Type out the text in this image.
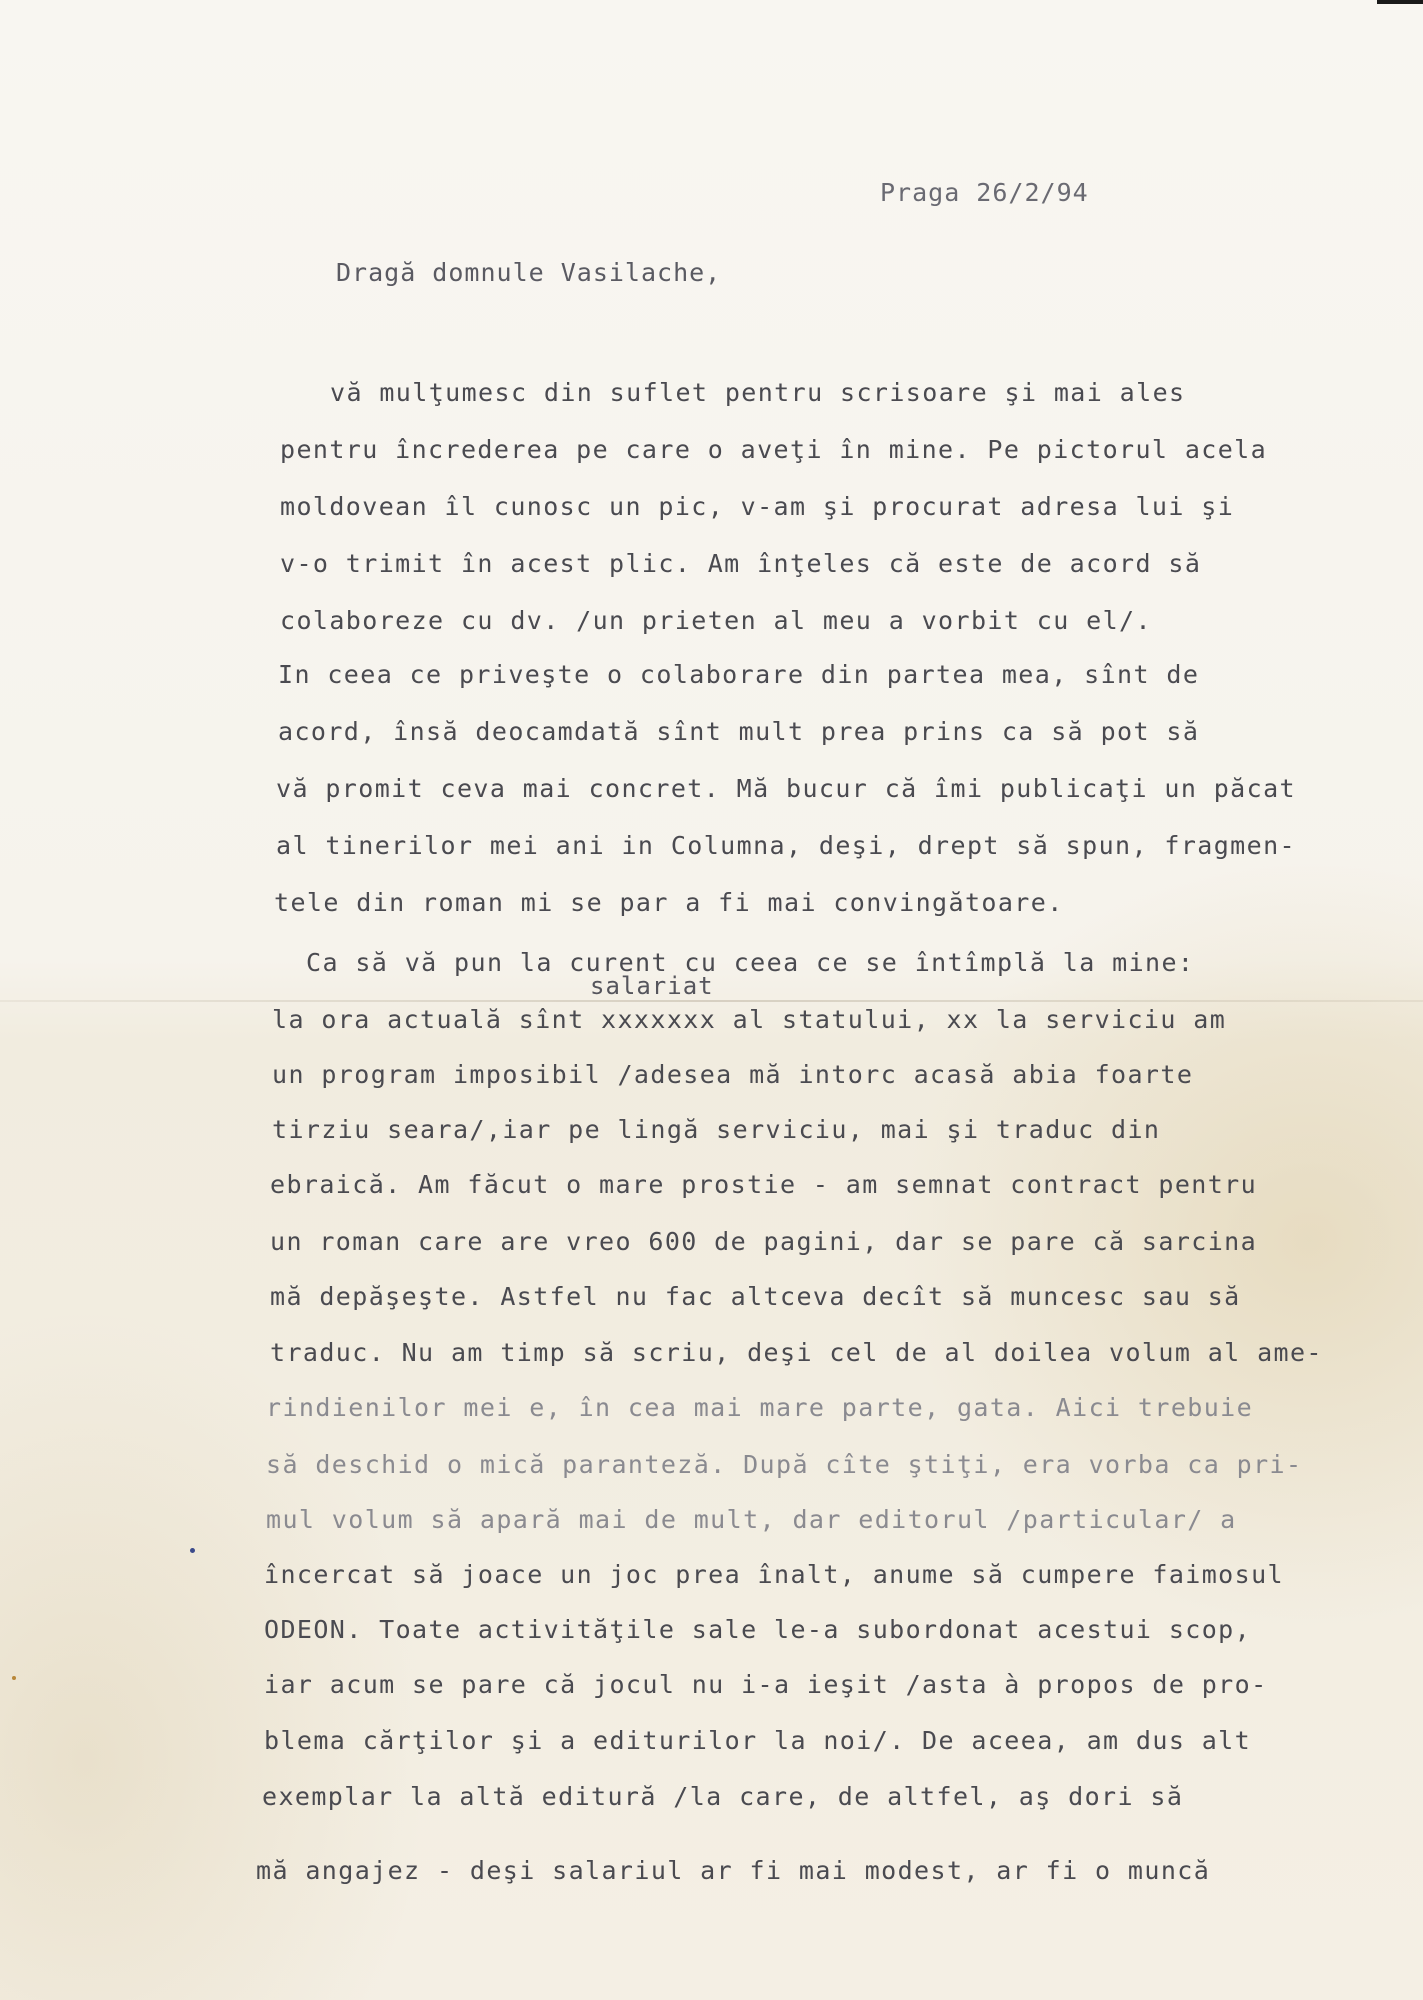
Praga 26/2/94
Dragă domnule Vasilache,
salariat
vă mulţumesc din suflet pentru scrisoare şi mai ales
pentru încrederea pe care o aveţi în mine. Pe pictorul acela
moldovean îl cunosc un pic, v-am şi procurat adresa lui şi
v-o trimit în acest plic. Am înţeles că este de acord să
colaboreze cu dv. /un prieten al meu a vorbit cu el/.
In ceea ce priveşte o colaborare din partea mea, sînt de
acord, însă deocamdată sînt mult prea prins ca să pot să
vă promit ceva mai concret. Mă bucur că îmi publicaţi un păcat
al tinerilor mei ani in Columna, deşi, drept să spun, fragmen-
tele din roman mi se par a fi mai convingătoare.
Ca să vă pun la curent cu ceea ce se întîmplă la mine:
la ora actuală sînt xxxxxxx al statului, xx la serviciu am
un program imposibil /adesea mă intorc acasă abia foarte
tirziu seara/,iar pe lingă serviciu, mai şi traduc din
ebraică. Am făcut o mare prostie - am semnat contract pentru
un roman care are vreo 600 de pagini, dar se pare că sarcina
mă depăşeşte. Astfel nu fac altceva decît să muncesc sau să
traduc. Nu am timp să scriu, deşi cel de al doilea volum al ame-
rindienilor mei e, în cea mai mare parte, gata. Aici trebuie
să deschid o mică paranteză. După cîte ştiţi, era vorba ca pri-
mul volum să apară mai de mult, dar editorul /particular/ a
încercat să joace un joc prea înalt, anume să cumpere faimosul
ODEON. Toate activităţile sale le-a subordonat acestui scop,
iar acum se pare că jocul nu i-a ieşit /asta à propos de pro-
blema cărţilor şi a editurilor la noi/. De aceea, am dus alt
exemplar la altă editură /la care, de altfel, aş dori să
mă angajez - deşi salariul ar fi mai modest, ar fi o muncă
